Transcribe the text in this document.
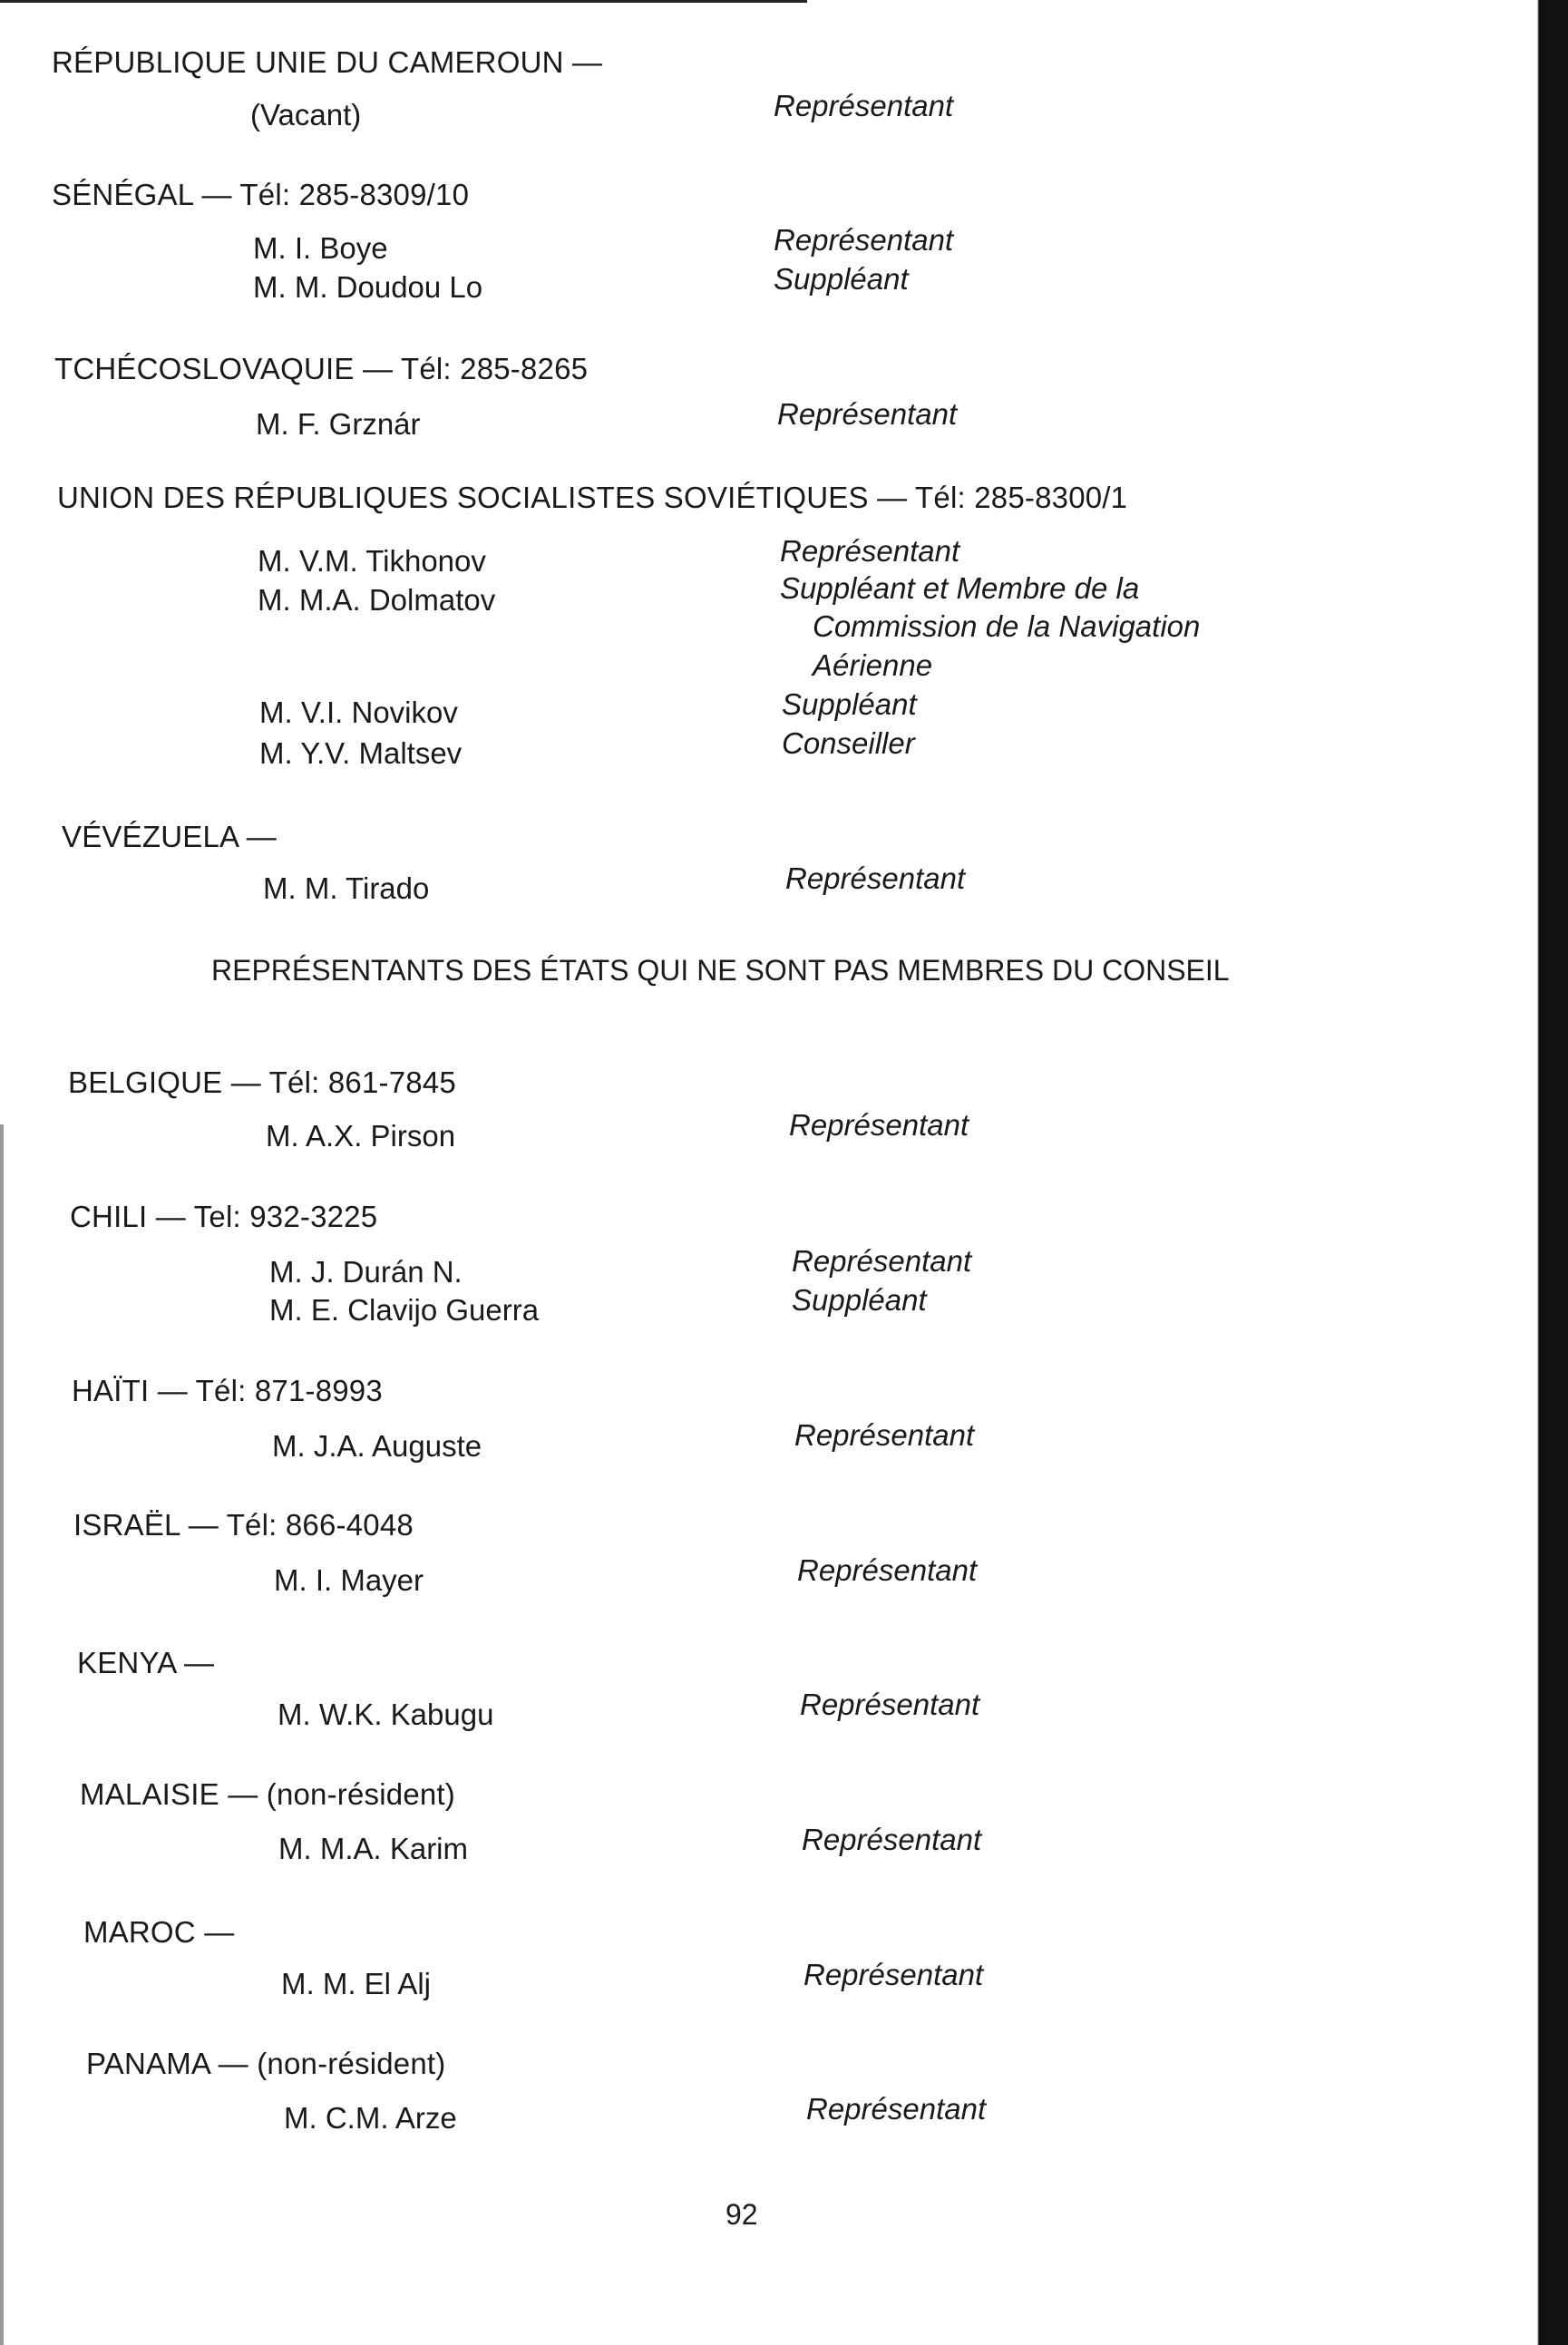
RÉPUBLIQUE UNIE DU CAMEROUN —
(Vacant)	Représentant
SÉNÉGAL — Tél: 285-8309/10
M. I. Boye	Représentant
M. M. Doudou Lo	Suppléant
TCHÉCOSLOVAQUIE — Tél: 285-8265
M. F. Grznár	Représentant
UNION DES RÉPUBLIQUES SOCIALISTES SOVIÉTIQUES — Tél: 285-8300/1
M. V.M. Tikhonov	Représentant
M. M.A. Dolmatov	Suppléant et Membre de la
Commission de la Navigation
Aérienne
M. V.I. Novikov	Suppléant
M. Y.V. Maltsev	Conseiller
VÉVÉZUELA —
M. M. Tirado	Représentant
REPRÉSENTANTS DES ÉTATS QUI NE SONT PAS MEMBRES DU CONSEIL
BELGIQUE — Tél: 861-7845
M. A.X. Pirson	Représentant
CHILI — Tel: 932-3225
M. J. Durán N.	Représentant
M. E. Clavijo Guerra	Suppléant
HAÏTI — Tél: 871-8993
M. J.A. Auguste	Représentant
ISRAËL — Tél: 866-4048
M. I. Mayer	Représentant
KENYA —
M. W.K. Kabugu	Représentant
MALAISIE — (non-résident)
M. M.A. Karim	Représentant
MAROC —
M. M. El Alj	Représentant
PANAMA — (non-résident)
M. C.M. Arze	Représentant
92
